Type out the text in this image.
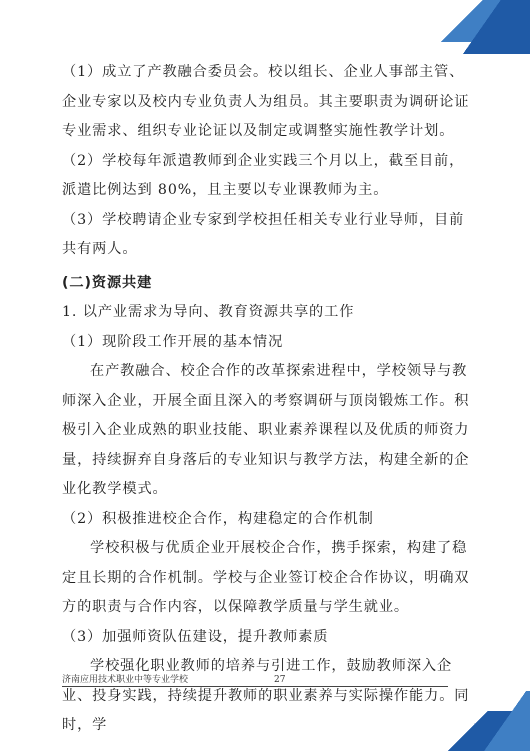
（1）成立了产教融合委员会。校以组长、企业人事部主管、企业专家以及校内专业负责人为组员。其主要职责为调研论证专业需求、组织专业论证以及制定或调整实施性教学计划。

（2）学校每年派遣教师到企业实践三个月以上，截至目前，派遣比例达到 80%，且主要以专业课教师为主。

（3）学校聘请企业专家到学校担任相关专业行业导师，目前共有两人。

(二)资源共建

1. 以产业需求为导向、教育资源共享的工作

（1）现阶段工作开展的基本情况

在产教融合、校企合作的改革探索进程中，学校领导与教师深入企业，开展全面且深入的考察调研与顶岗锻炼工作。积极引入企业成熟的职业技能、职业素养课程以及优质的师资力量，持续摒弃自身落后的专业知识与教学方法，构建全新的企业化教学模式。

（2）积极推进校企合作，构建稳定的合作机制

学校积极与优质企业开展校企合作，携手探索，构建了稳定且长期的合作机制。学校与企业签订校企合作协议，明确双方的职责与合作内容，以保障教学质量与学生就业。

（3）加强师资队伍建设，提升教师素质

学校强化职业教师的培养与引进工作，鼓励教师深入企业、投身实践，持续提升教师的职业素养与实际操作能力。同时，学

济南应用技术职业中等专业学校	27
